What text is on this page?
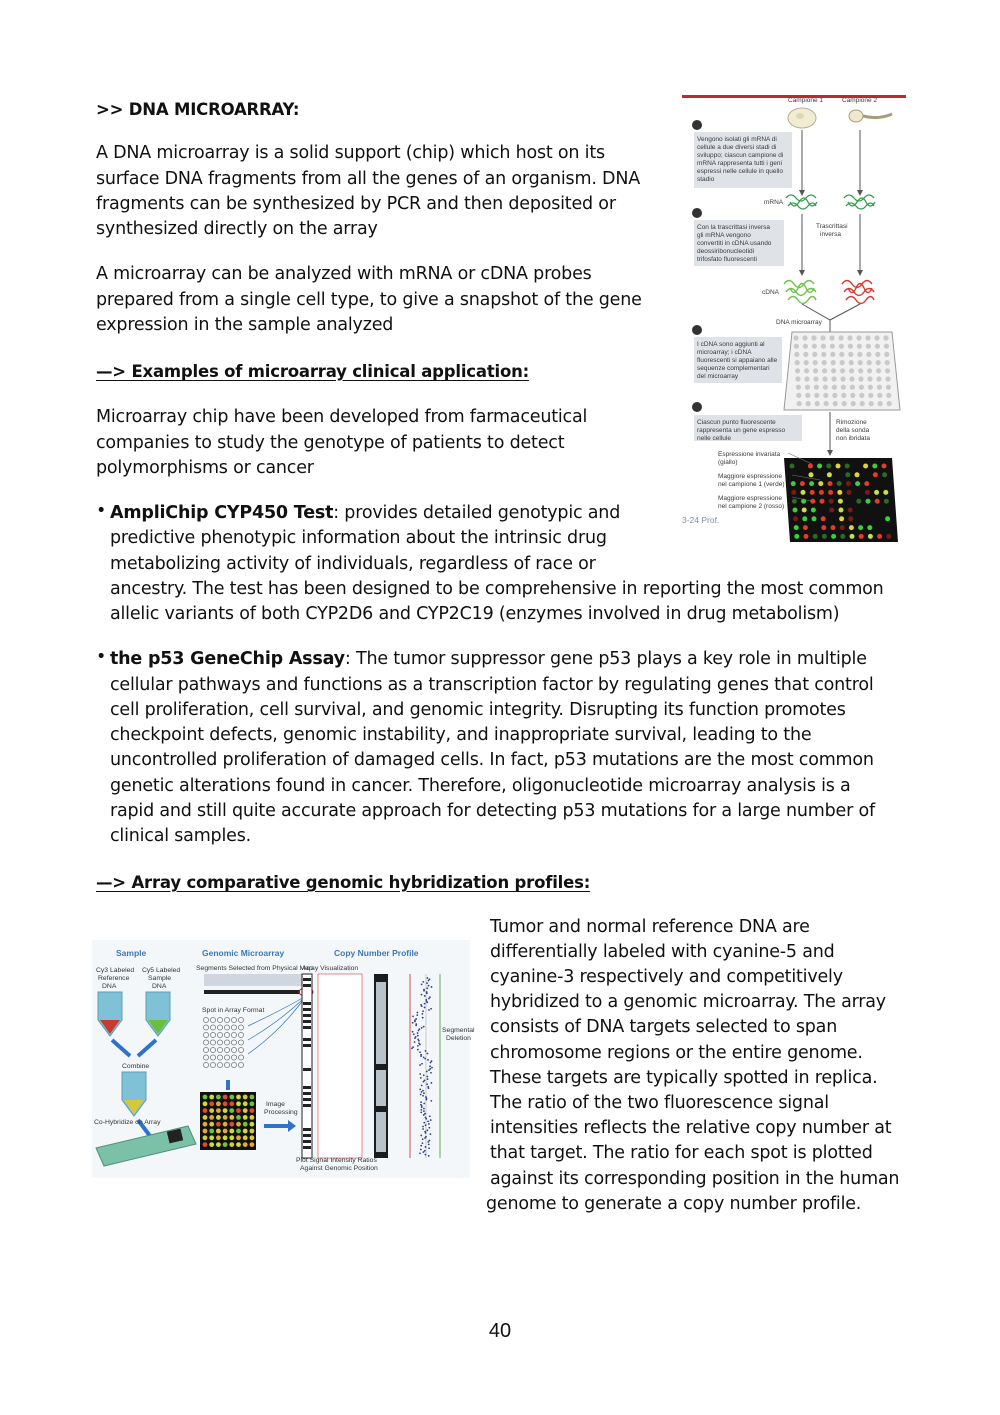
>> DNA MICROARRAY:
A DNA microarray is a solid support (chip) which host on its
surface DNA fragments from all the genes of an organism. DNA
fragments can be synthesized by PCR and then deposited or
synthesized directly on the array
A microarray can be analyzed with mRNA or cDNA probes
prepared from a single cell type, to give a snapshot of the gene
expression in the sample analyzed
—> Examples of microarray clinical application:
Microarray chip have been developed from farmaceutical
companies to study the genotype of patients to detect
polymorphisms or cancer
• AmpliChip CYP450 Test: provides detailed genotypic and
predictive phenotypic information about the intrinsic drug
metabolizing activity of individuals, regardless of race or
ancestry. The test has been designed to be comprehensive in reporting the most common
allelic variants of both CYP2D6 and CYP2C19 (enzymes involved in drug metabolism)
• the p53 GeneChip Assay: The tumor suppressor gene p53 plays a key role in multiple
cellular pathways and functions as a transcription factor by regulating genes that control
cell proliferation, cell survival, and genomic integrity. Disrupting its function promotes
checkpoint defects, genomic instability, and inappropriate survival, leading to the
uncontrolled proliferation of damaged cells. In fact, p53 mutations are the most common
genetic alterations found in cancer. Therefore, oligonucleotide microarray analysis is a
rapid and still quite accurate approach for detecting p53 mutations for a large number of
clinical samples.
—> Array comparative genomic hybridization profiles:
Tumor and normal reference DNA are
differentially labeled with cyanine-5 and
cyanine-3 respectively and competitively
hybridized to a genomic microarray. The array
consists of DNA targets selected to span
chromosome regions or the entire genome.
These targets are typically spotted in replica.
The ratio of the two fluorescence signal
intensities reflects the relative copy number at
that target. The ratio for each spot is plotted
against its corresponding position in the human
genome to generate a copy number profile.
Campione 1	Campione 2
Vengono isolati gli mRNA di
cellule a due diversi stadi di
sviluppo; ciascun campione di
mRNA rappresenta tutti i geni
espressi nelle cellule in quello
stadio
mRNA
Con la trascrittasi inversa
gli mRNA vengono
convertiti in cDNA usando
deossiribonucleotidi
trifosfato fluorescenti
Trascrittasi
inversa
cDNA
DNA microarray
I cDNA sono aggiunti al
microarray; i cDNA
fluorescenti si appaiano alle
sequenze complementari
del microarray
Ciascun punto fluorescente
rappresenta un gene espresso
nelle cellule
Rimozione
della sonda
non ibridata
Espressione invariata
(giallo)
Maggiore espressione
nel campione 1 (verde)
Maggiore espressione
nel campione 2 (rosso)
3-24 Prof.
Sample	Genomic Microarray	Copy Number Profile
Cy3 Labeled
Reference
DNA
Cy5 Labeled
Sample
DNA
Combine
Co-Hybridize on Array
Segments Selected from Physical Map
Spot in Array Format
Image
Processing
Array Visualization
Segmental
Deletion
Plot Signal Intensity Ratios
Against Genomic Position
40
